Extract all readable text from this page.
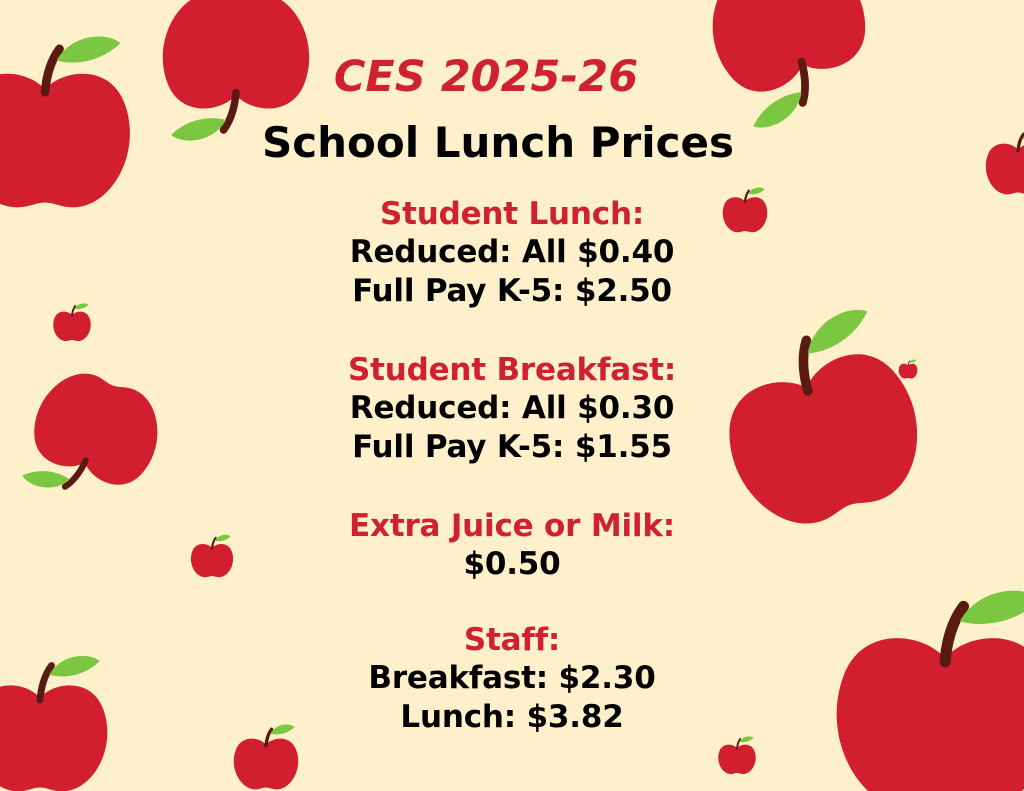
CES 2025-26
School Lunch Prices

Student Lunch:

Reduced: All $0.40

Full Pay K-5: $2.50

Student Breakfast:

Reduced: All $0.30

Full Pay K-5: $1.55

Extra Juice or Milk:

$0.50

Staff:

Breakfast: $2.30

Lunch: $3.82
